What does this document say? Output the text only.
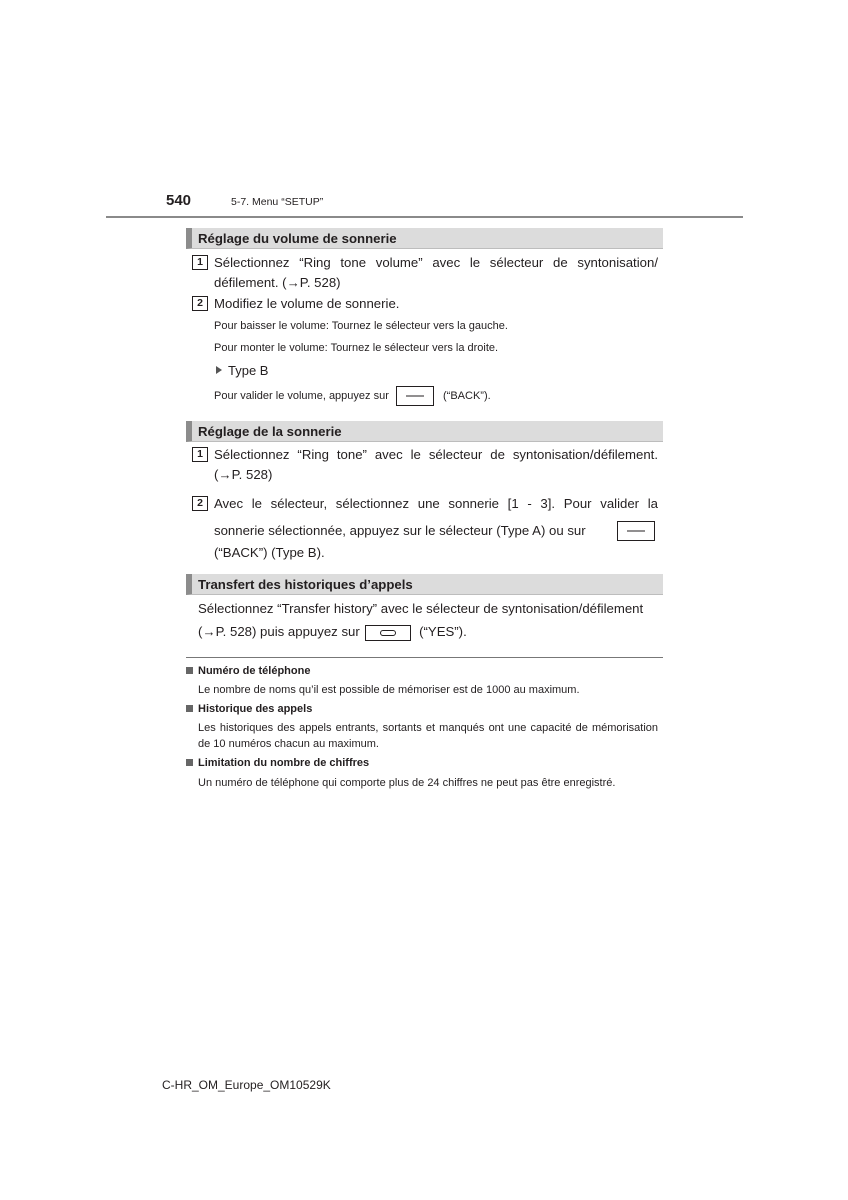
540	5-7. Menu “SETUP”
Réglage du volume de sonnerie
1 Sélectionnez “Ring tone volume” avec le sélecteur de syntonisation/
défilement. (→P. 528)
2 Modifiez le volume de sonnerie.
Pour baisser le volume: Tournez le sélecteur vers la gauche.
Pour monter le volume: Tournez le sélecteur vers la droite.
Type B
Pour valider le volume, appuyez sur	(“BACK”).
Réglage de la sonnerie
1 Sélectionnez “Ring tone” avec le sélecteur de syntonisation/défilement.
(→P. 528)
2 Avec le sélecteur, sélectionnez une sonnerie [1 - 3]. Pour valider la
sonnerie sélectionnée, appuyez sur le sélecteur (Type A) ou sur
(“BACK”) (Type B).
Transfert des historiques d’appels
Sélectionnez “Transfer history” avec le sélecteur de syntonisation/défilement
(→P. 528) puis appuyez sur	(“YES”).
Numéro de téléphone
Le nombre de noms qu’il est possible de mémoriser est de 1000 au maximum.
Historique des appels
Les historiques des appels entrants, sortants et manqués ont une capacité de mémorisation de 10 numéros chacun au maximum.
Limitation du nombre de chiffres
Un numéro de téléphone qui comporte plus de 24 chiffres ne peut pas être enregistré.
C-HR_OM_Europe_OM10529K
